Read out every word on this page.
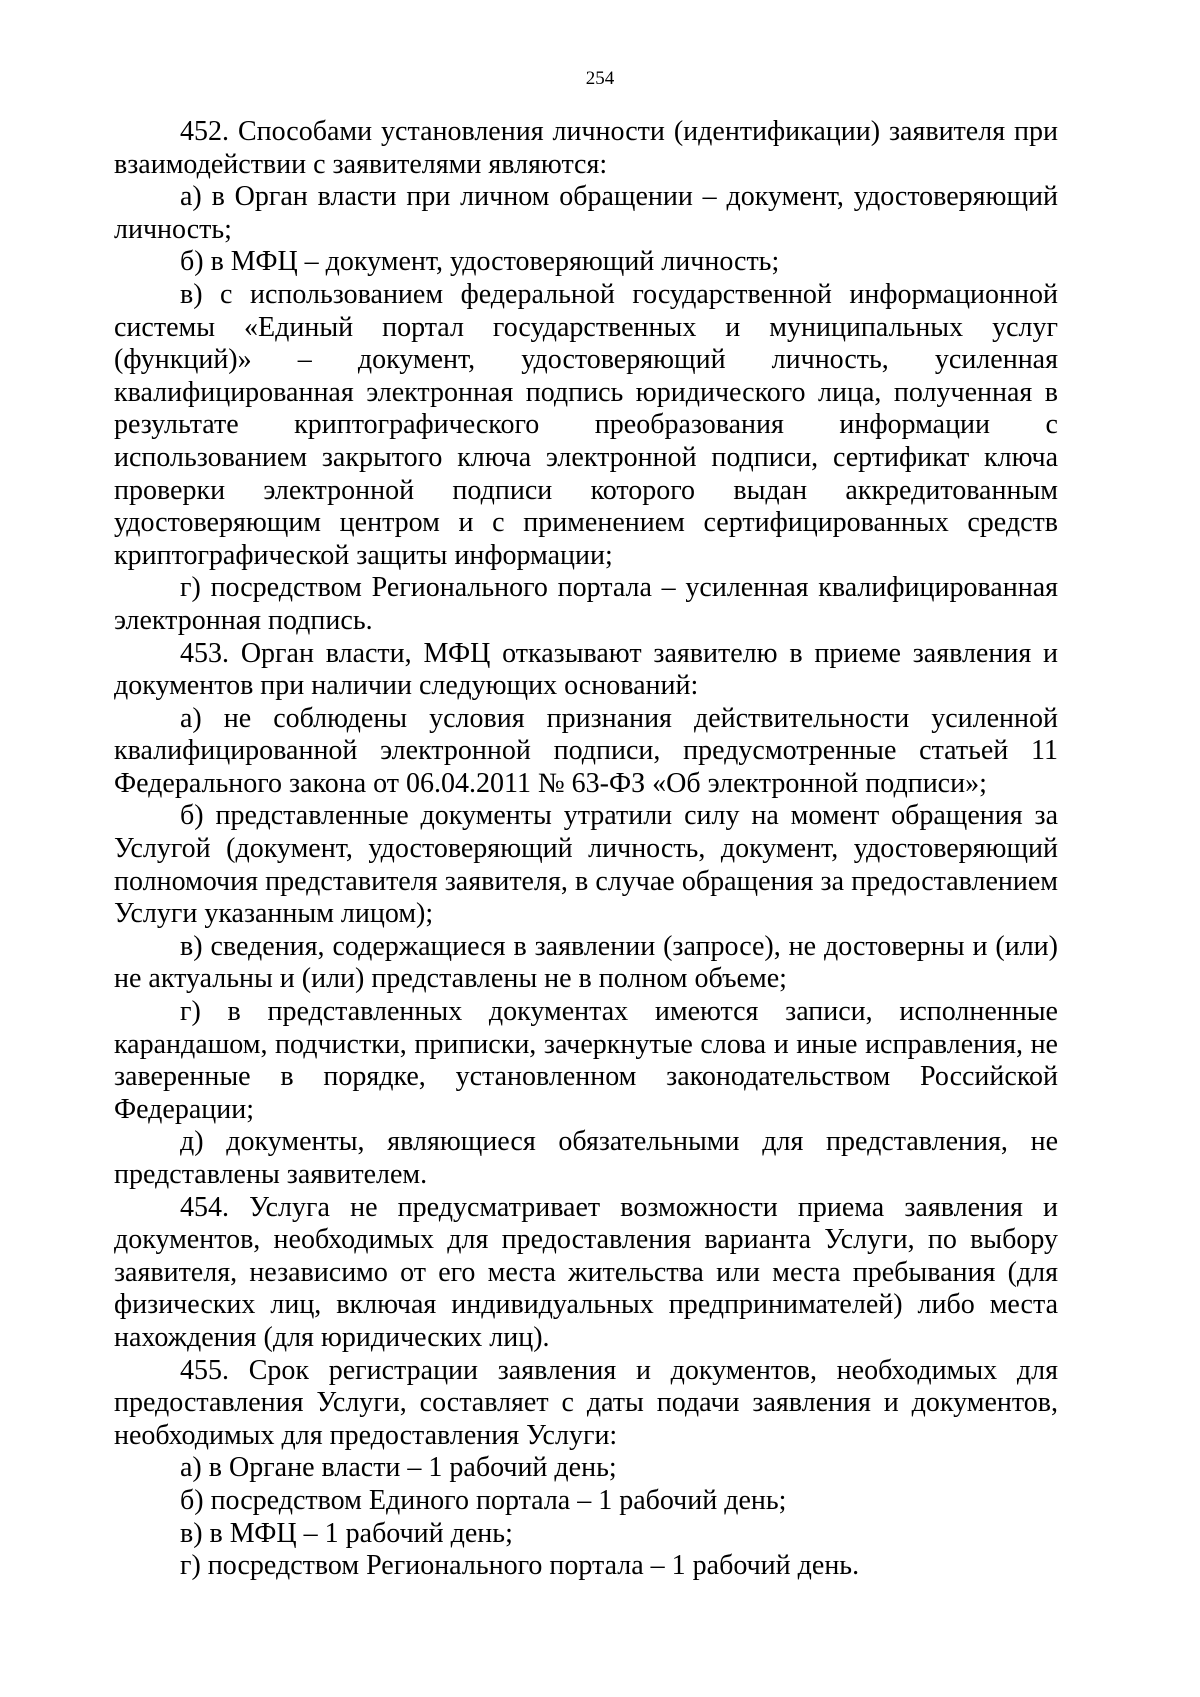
254

452. Способами установления личности (идентификации) заявителя при взаимодействии с заявителями являются:

а) в Орган власти при личном обращении – документ, удостоверяющий личность;

б) в МФЦ – документ, удостоверяющий личность;

в) с использованием федеральной государственной информационной системы «Единый портал государственных и муниципальных услуг (функций)» – документ, удостоверяющий личность, усиленная квалифицированная электронная подпись юридического лица, полученная в результате криптографического преобразования информации с использованием закрытого ключа электронной подписи, сертификат ключа проверки электронной подписи которого выдан аккредитованным удостоверяющим центром и с применением сертифицированных средств криптографической защиты информации;

г) посредством Регионального портала – усиленная квалифицированная электронная подпись.

453. Орган власти, МФЦ отказывают заявителю в приеме заявления и документов при наличии следующих оснований:

а) не соблюдены условия признания действительности усиленной квалифицированной электронной подписи, предусмотренные статьей 11 Федерального закона от 06.04.2011 № 63-ФЗ «Об электронной подписи»;

б) представленные документы утратили силу на момент обращения за Услугой (документ, удостоверяющий личность, документ, удостоверяющий полномочия представителя заявителя, в случае обращения за предоставлением Услуги указанным лицом);

в) сведения, содержащиеся в заявлении (запросе), не достоверны и (или) не актуальны и (или) представлены не в полном объеме;

г) в представленных документах имеются записи, исполненные карандашом, подчистки, приписки, зачеркнутые слова и иные исправления, не заверенные в порядке, установленном законодательством Российской Федерации;

д) документы, являющиеся обязательными для представления, не представлены заявителем.

454. Услуга не предусматривает возможности приема заявления и документов, необходимых для предоставления варианта Услуги, по выбору заявителя, независимо от его места жительства или места пребывания (для физических лиц, включая индивидуальных предпринимателей) либо места нахождения (для юридических лиц).

455. Срок регистрации заявления и документов, необходимых для предоставления Услуги, составляет с даты подачи заявления и документов, необходимых для предоставления Услуги:

а) в Органе власти – 1 рабочий день;

б) посредством Единого портала – 1 рабочий день;

в) в МФЦ – 1 рабочий день;

г) посредством Регионального портала – 1 рабочий день.
